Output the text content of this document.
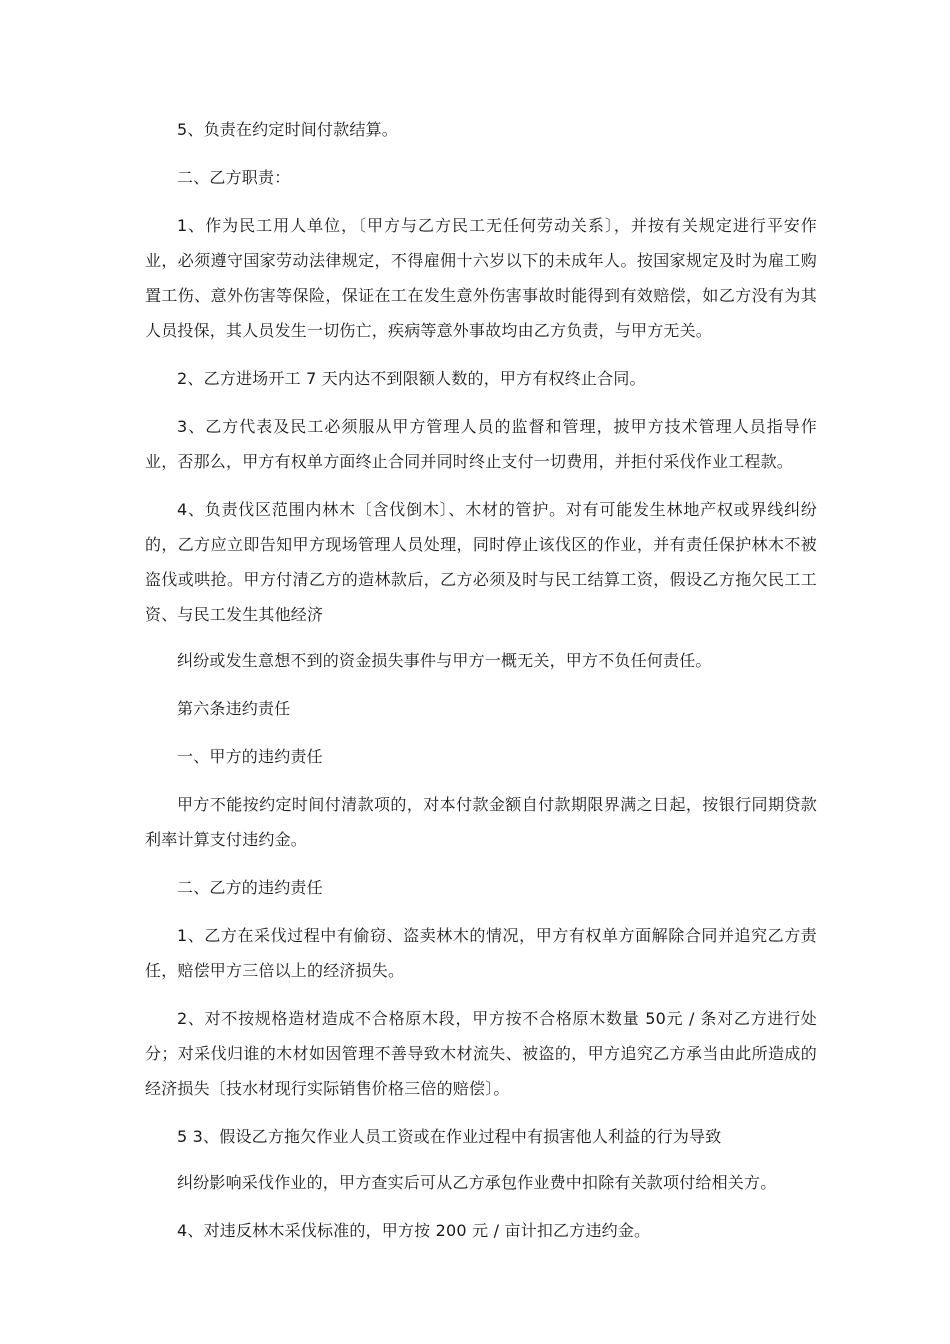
5、负责在约定时间付款结算。

二、乙方职责：

1、作为民工用人单位，〔甲方与乙方民工无任何劳动关系〕，并按有关规定进行平安作业，必须遵守国家劳动法律规定，不得雇佣十六岁以下的未成年人。按国家规定及时为雇工购置工伤、意外伤害等保险，保证在工在发生意外伤害事故时能得到有效赔偿，如乙方没有为其人员投保，其人员发生一切伤亡，疾病等意外事故均由乙方负责，与甲方无关。

2、乙方进场开工 7 天内达不到限额人数的，甲方有权终止合同。

3、乙方代表及民工必须服从甲方管理人员的监督和管理，披甲方技术管理人员指导作业，否那么，甲方有权单方面终止合同并同时终止支付一切费用，并拒付采伐作业工程款。

4、负责伐区范围内林木〔含伐倒木〕、木材的管护。对有可能发生林地产权或界线纠纷的，乙方应立即告知甲方现场管理人员处理，同时停止该伐区的作业，并有责任保护林木不被盗伐或哄抢。甲方付清乙方的造林款后，乙方必须及时与民工结算工资，假设乙方拖欠民工工资、与民工发生其他经济

纠纷或发生意想不到的资金损失事件与甲方一概无关，甲方不负任何责任。

第六条违约责任

一、甲方的违约责任

甲方不能按约定时间付清款项的，对本付款金额自付款期限界满之日起，按银行同期贷款利率计算支付违约金。

二、乙方的违约责任

1、乙方在采伐过程中有偷窃、盗卖林木的情况，甲方有权单方面解除合同并追究乙方责任，赔偿甲方三倍以上的经济损失。

2、对不按规格造材造成不合格原木段，甲方按不合格原木数量 50元 / 条对乙方进行处分；对采伐归谁的木材如因管理不善导致木材流失、被盗的，甲方追究乙方承当由此所造成的经济损失〔技水材现行实际销售价格三倍的赔偿〕。

5 3、假设乙方拖欠作业人员工资或在作业过程中有损害他人利益的行为导致

纠纷影响采伐作业的，甲方查实后可从乙方承包作业费中扣除有关款项付给相关方。

4、对违反林木采伐标准的，甲方按 200 元 / 亩计扣乙方违约金。
